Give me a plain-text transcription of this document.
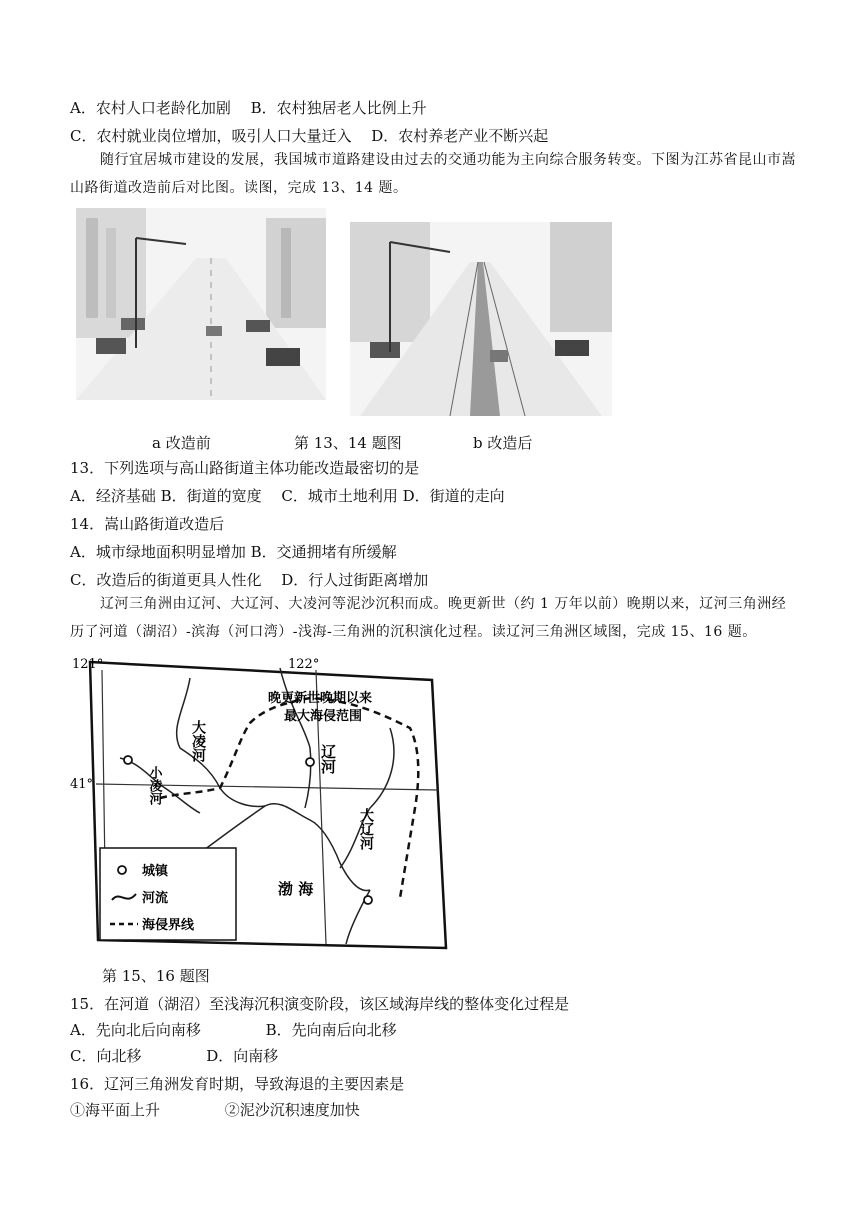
A．农村人口老龄化加剧　 B．农村独居老人比例上升
C．农村就业岗位增加，吸引人口大量迁入　 D．农村养老产业不断兴起
随行宜居城市建设的发展，我国城市道路建设由过去的交通功能为主向综合服务转变。下图为江苏省昆山市嵩山路街道改造前后对比图。读图，完成 13、14 题。
a 改造前	第 13、14 题图	b 改造后
13．下列选项与高山路街道主体功能改造最密切的是
A．经济基础 B．街道的宽度　 C．城市土地利用 D．街道的走向
14．嵩山路街道改造后
A．城市绿地面积明显增加 B．交通拥堵有所缓解
C．改造后的街道更具人性化　 D．行人过街距离增加
辽河三角洲由辽河、大辽河、大凌河等泥沙沉积而成。晚更新世（约 1 万年以前）晚期以来，辽河三角洲经历了河道（湖沼）-滨海（河口湾）-浅海-三角洲的沉积演化过程。读辽河三角洲区域图，完成 15、16 题。
121°	122°
41°
晚更新世晚期以来
最大海侵范围
大凌河
小凌河
辽河
大辽河
渤 海
城镇
河流
海侵界线
第 15、16 题图
15．在河道（湖沼）至浅海沉积演变阶段，该区域海岸线的整体变化过程是
A．先向北后向南移　　　　 B．先向南后向北移
C．向北移　　　　 D．向南移
16．辽河三角洲发育时期，导致海退的主要因素是
①海平面上升　　　　 ②泥沙沉积速度加快
